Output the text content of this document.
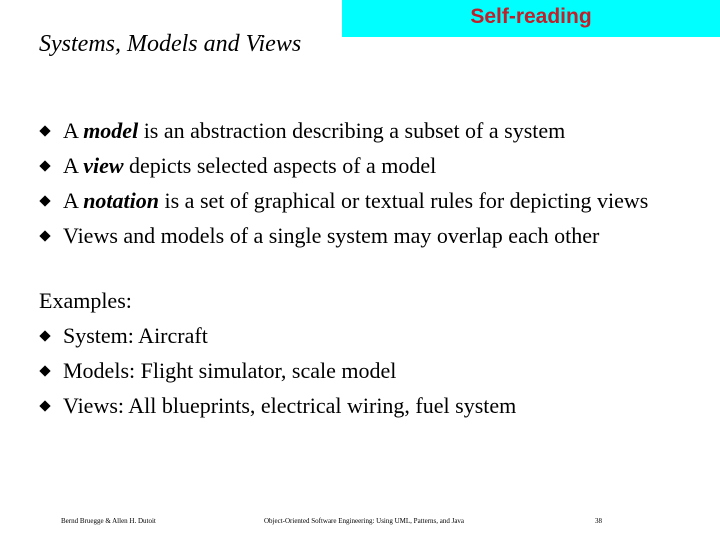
Self-reading
Systems, Models and Views
A model is an abstraction describing a subset of a system
A view depicts selected aspects of a model
A notation is a set of graphical or textual rules for depicting views
Views and models of a single system may overlap each other
Examples:
System: Aircraft
Models: Flight simulator, scale model
Views: All blueprints, electrical wiring, fuel system
Bernd Bruegge & Allen H. Dutoit	Object-Oriented Software Engineering: Using UML, Patterns, and Java	38
